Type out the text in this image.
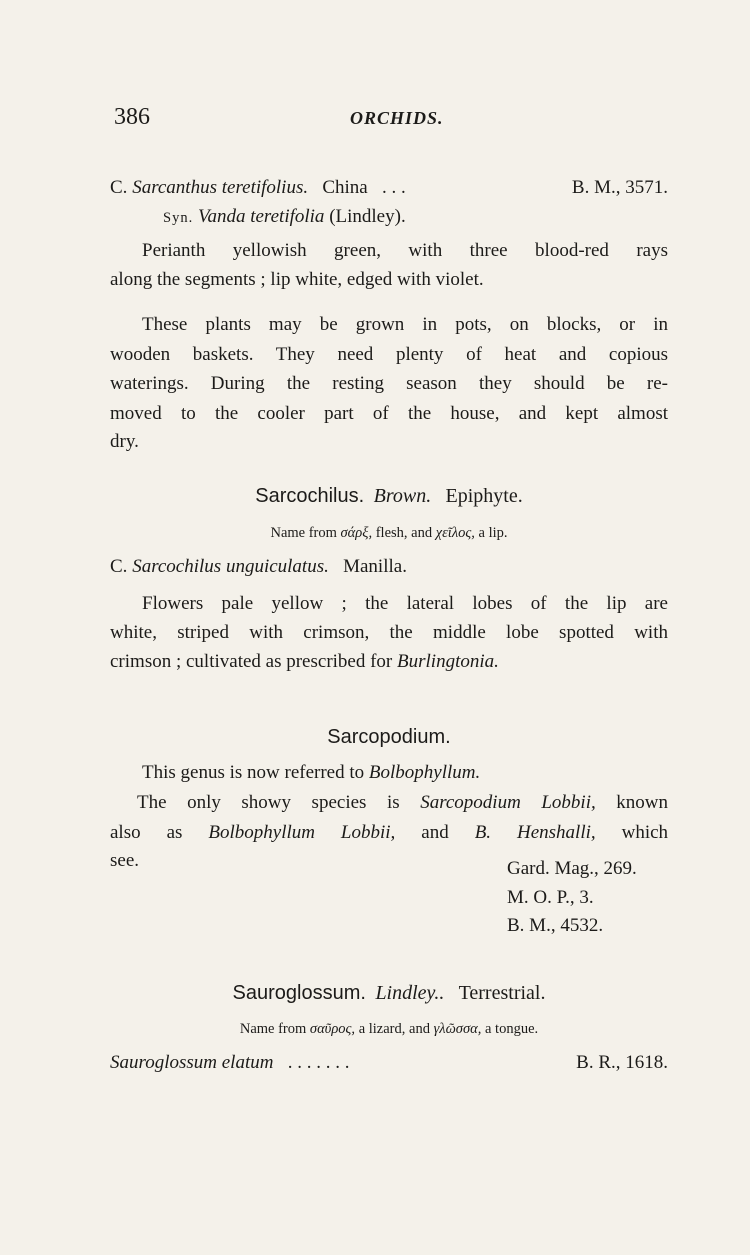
386	ORCHIDS.
C. Sarcanthus teretifolius. China . . .	B. M., 3571.
Syn. Vanda teretifolia (Lindley).
Perianth yellowish green, with three blood-red rays
along the segments ; lip white, edged with violet.
These plants may be grown in pots, on blocks, or in
wooden baskets. They need plenty of heat and copious
waterings. During the resting season they should be re-
moved to the cooler part of the house, and kept almost
dry.
Sarcochilus. Brown. Epiphyte.
Name from σάρξ, flesh, and χεῖλος, a lip.
C. Sarcochilus unguiculatus. Manilla.
Flowers pale yellow ; the lateral lobes of the lip are
white, striped with crimson, the middle lobe spotted with
crimson ; cultivated as prescribed for Burlingtonia.
Sarcopodium.
This genus is now referred to Bolbophyllum.
The only showy species is Sarcopodium Lobbii, known
also as Bolbophyllum Lobbii, and B. Henshalli, which
see.	Gard. Mag., 269.
M. O. P., 3.
B. M., 4532.
Sauroglossum. Lindley.. Terrestrial.
Name from σαῦρος, a lizard, and γλῶσσα, a tongue.
Sauroglossum elatum . . . . . . .	B. R., 1618.
